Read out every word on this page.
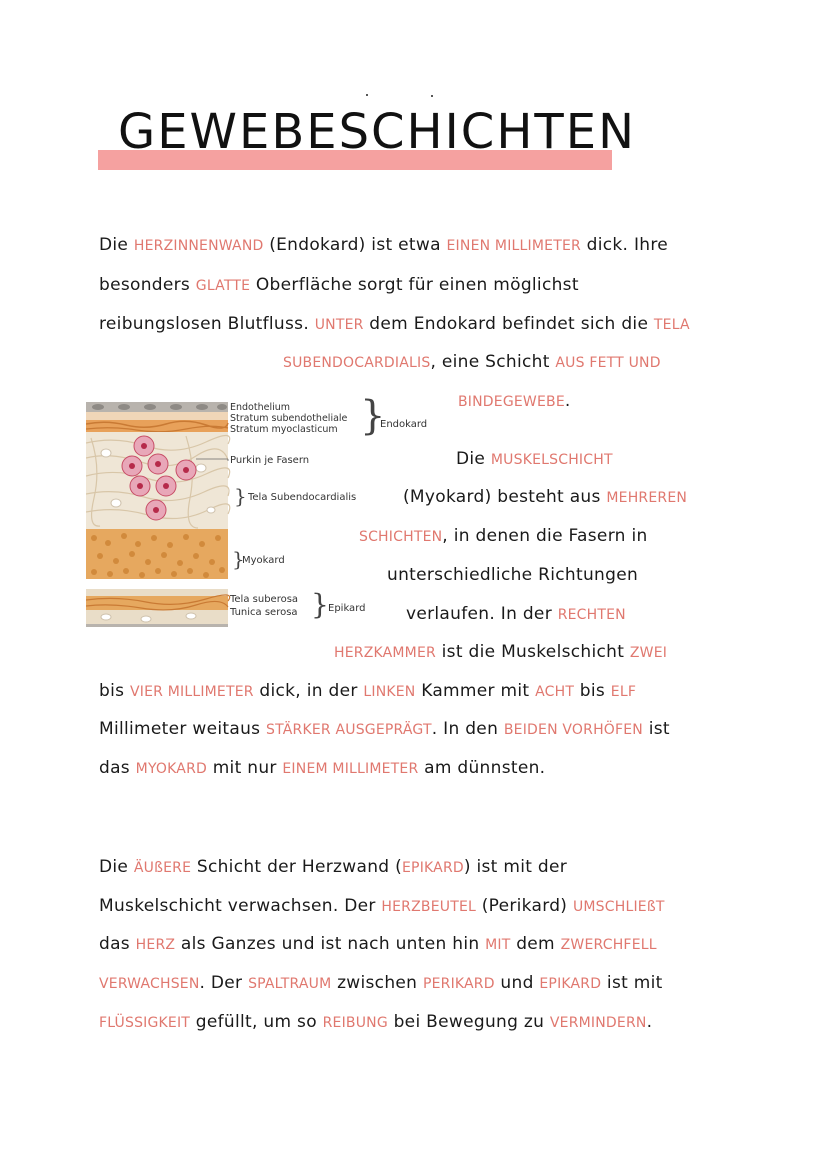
GEWEBESCHICHTEN
Die HERZINNENWAND (Endokard) ist etwa EINEN MILLIMETER dick. Ihre
besonders GLATTE Oberfläche sorgt für einen möglichst
reibungslosen Blutfluss. UNTER dem Endokard befindet sich die TELA
SUBENDOCARDIALIS, eine Schicht AUS FETT UND
BINDEGEWEBE.
Die MUSKELSCHICHT
(Myokard) besteht aus MEHREREN
SCHICHTEN, in denen die Fasern in
unterschiedliche Richtungen
verlaufen. In der RECHTEN
HERZKAMMER ist die Muskelschicht ZWEI
bis VIER MILLIMETER dick, in der LINKEN Kammer mit ACHT bis ELF
Millimeter weitaus STÄRKER AUSGEPRÄGT. In den BEIDEN VORHÖFEN ist
das MYOKARD mit nur EINEM MILLIMETER am dünnsten.
Die ÄUßERE Schicht der Herzwand (EPIKARD) ist mit der
Muskelschicht verwachsen. Der HERZBEUTEL (Perikard) UMSCHLIEßT
das HERZ als Ganzes und ist nach unten hin MIT dem ZWERCHFELL
VERWACHSEN. Der SPALTRAUM zwischen PERIKARD und EPIKARD ist mit
FLÜSSIGKEIT gefüllt, um so REIBUNG bei Bewegung zu VERMINDERN.
Endothelium
Stratum subendotheliale
Stratum myoclasticum }
Endokard
Purkin je Fasern
} Tela Subendocardialis
}
Myokard
Tela suberosa
Tunica serosa } Epikard
